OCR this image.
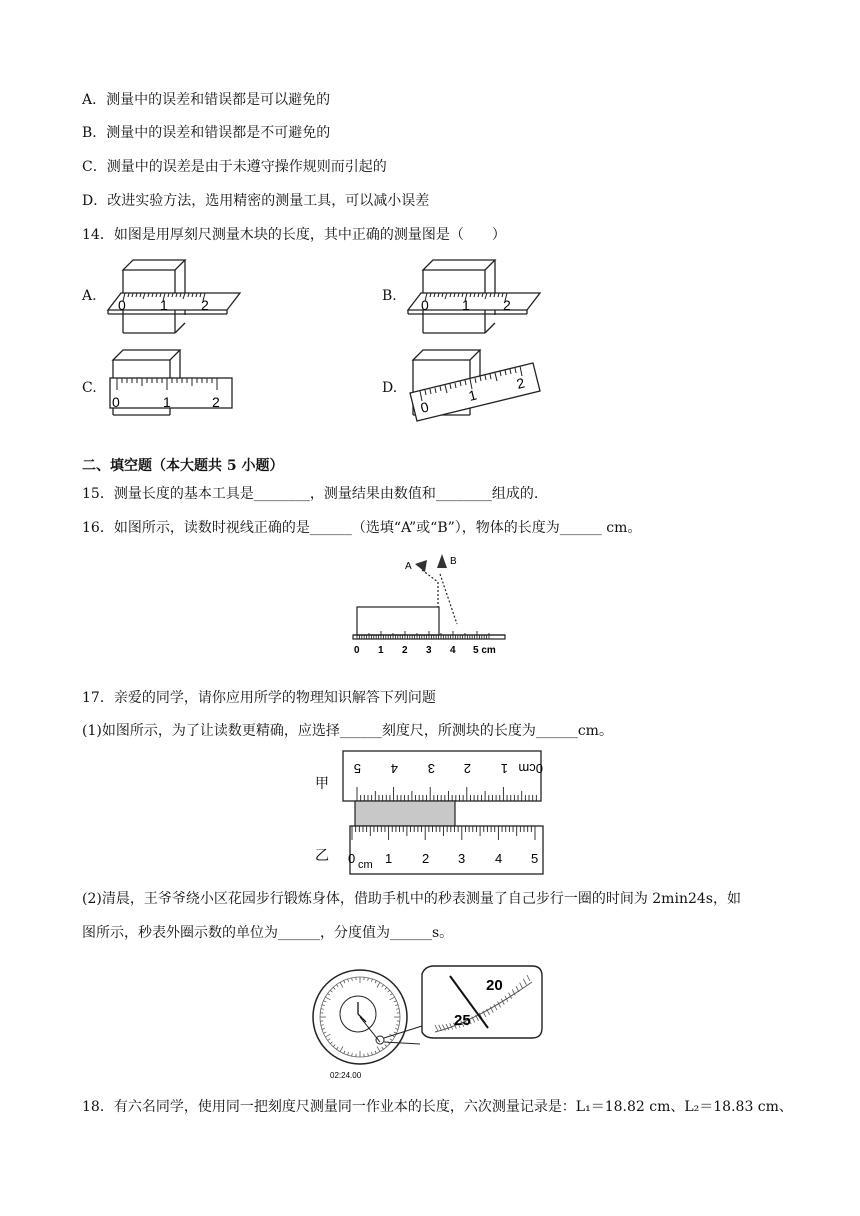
A．测量中的误差和错误都是可以避免的
B．测量中的误差和错误都是不可避免的
C．测量中的误差是由于未遵守操作规则而引起的
D．改进实验方法，选用精密的测量工具，可以减小误差
14．如图是用厚刻尺测量木块的长度，其中正确的测量图是（　　）
A.	B.
C.	D.
0 1 2	0 1 2
0	1	2	0
1
2
二、填空题（本大题共 5 小题）
15．测量长度的基本工具是________，测量结果由数值和________组成的.
16．如图所示，读数时视线正确的是______（选填“A”或“B”），物体的长度为______ cm。
A	B
0 1 2 3 4 5 cm
17．亲爱的同学，请你应用所学的物理知识解答下列问题
(1)如图所示，为了让读数更精确，应选择______刻度尺，所测块的长度为______cm。
甲
乙
5 4 3 2 1 0cm
0 cm 1 2 3 4 5
(2)清晨，王爷爷绕小区花园步行锻炼身体，借助手机中的秒表测量了自己步行一圈的时间为 2min24s，如
图所示，秒表外圈示数的单位为______，分度值为______s。
20
25
02:24.00
18．有六名同学，使用同一把刻度尺测量同一作业本的长度，六次测量记录是：L₁＝18.82 cm、L₂＝18.83 cm、
